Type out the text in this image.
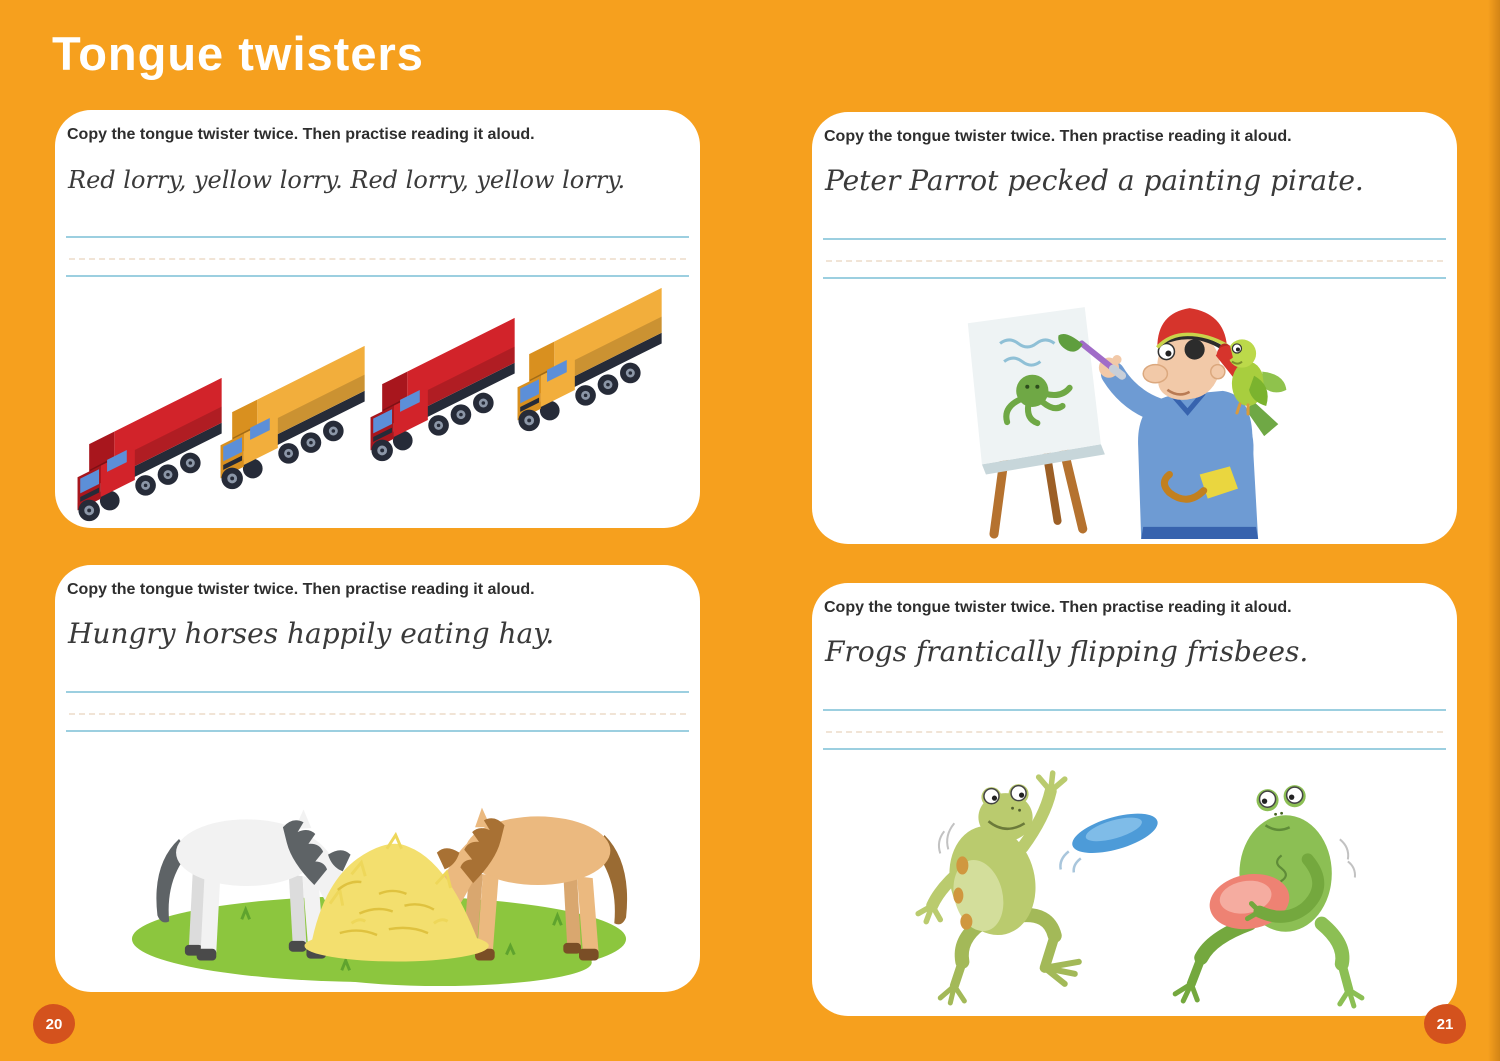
Tongue twisters

Copy the tongue twister twice. Then practise reading it aloud.

Red lorry, yellow lorry. Red lorry, yellow lorry.

Copy the tongue twister twice. Then practise reading it aloud.

Peter Parrot pecked a painting pirate.

Copy the tongue twister twice. Then practise reading it aloud.

Hungry horses happily eating hay.

Copy the tongue twister twice. Then practise reading it aloud.

Frogs frantically flipping frisbees.

20	21
